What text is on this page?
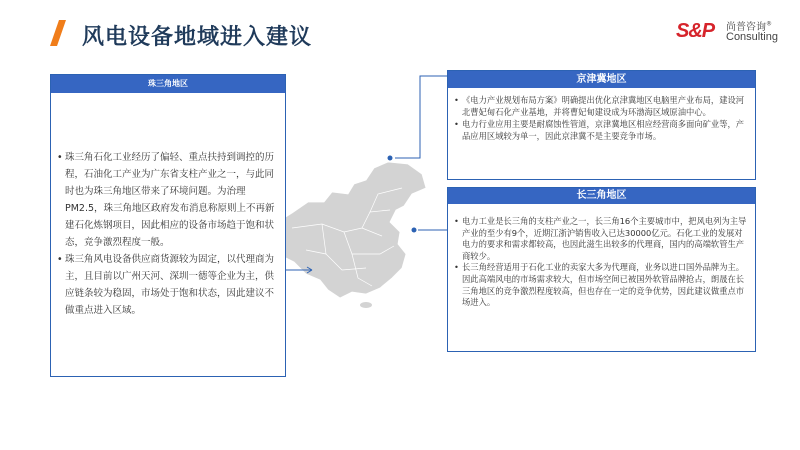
风电设备地域进入建议	S&P 尚普咨询®
Consulting
珠三角地区
• 珠三角石化工业经历了偏轻、重点扶持到调控的历程，石油化工产业为广东省支柱产业之一，与此同时也为珠三角地区带来了环境问题。为治理PM2.5，珠三角地区政府发布消息称原则上不再新建石化炼钢项目，因此相应的设备市场趋于饱和状态，竞争激烈程度一般。
• 珠三角风电设备供应商货源较为固定，以代理商为主，且目前以广州天河、深圳一德等企业为主，供应链条较为稳固，市场处于饱和状态，因此建议不做重点进入区域。
京津冀地区
• 《电力产业规划布局方案》明确提出优化京津冀地区电脑里产业布局，建设河北曹妃甸石化产业基地，并将曹妃甸建设成为环渤海区域原油中心。
• 电力行业应用主要是耐腐蚀性管道，京津冀地区相应经营商多面向矿业等，产品应用区域较为单一，因此京津冀不是主要竞争市场。
长三角地区
• 电力工业是长三角的支柱产业之一，长三角16个主要城市中，把风电列为主导产业的至少有9个，近期江浙沪销售收入已达30000亿元。石化工业的发展对电力的要求和需求都较高，也因此滋生出较多的代理商，国内的高端软管生产商较少。
• 长三角经营适用于石化工业的卖家大多为代理商，业务以进口国外品牌为主。因此高端风电的市场需求较大，但市场空间已被国外软管品牌抢占，朗晟在长三角地区的竞争激烈程度较高，但也存在一定的竞争优势，因此建议做重点市场进入。
